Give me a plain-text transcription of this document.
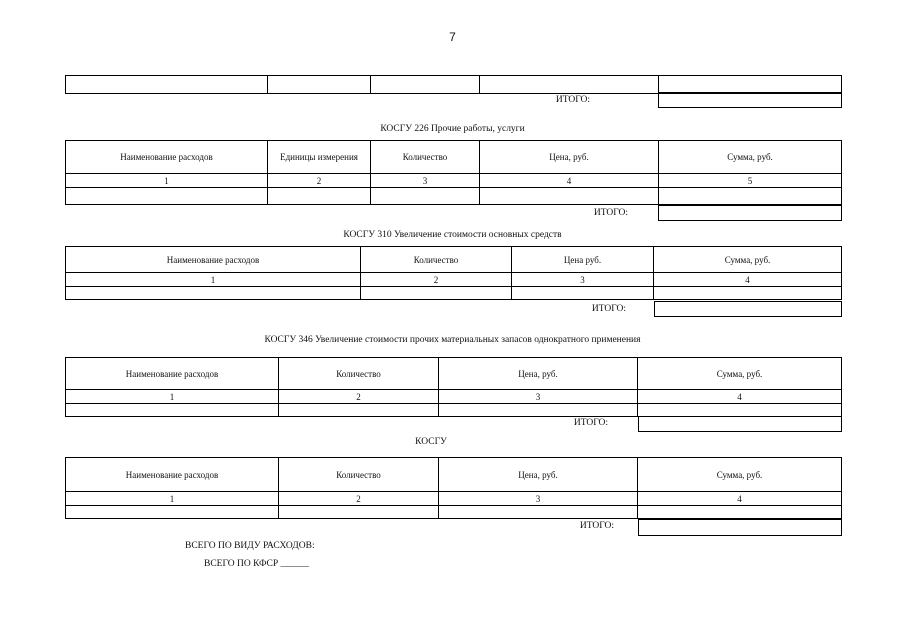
7

ИТОГО:
КОСГУ 226 Прочие работы, услуги
Наименование расходов	Единицы измерения	Количество	Цена, руб.	Сумма, руб.
1	2	3	4	5

ИТОГО:
КОСГУ 310 Увеличение стоимости основных средств
Наименование расходов	Количество	Цена руб.	Сумма, руб.
1	2	3	4

ИТОГО:
КОСГУ 346 Увеличение стоимости прочих материальных запасов однократного применения
Наименование расходов	Количество	Цена, руб.	Сумма, руб.
1	2	3	4

ИТОГО:
КОСГУ
Наименование расходов	Количество	Цена, руб.	Сумма, руб.
1	2	3	4

ИТОГО:
ВСЕГО ПО ВИДУ РАСХОДОВ:
ВСЕГО ПО КФСР ______
